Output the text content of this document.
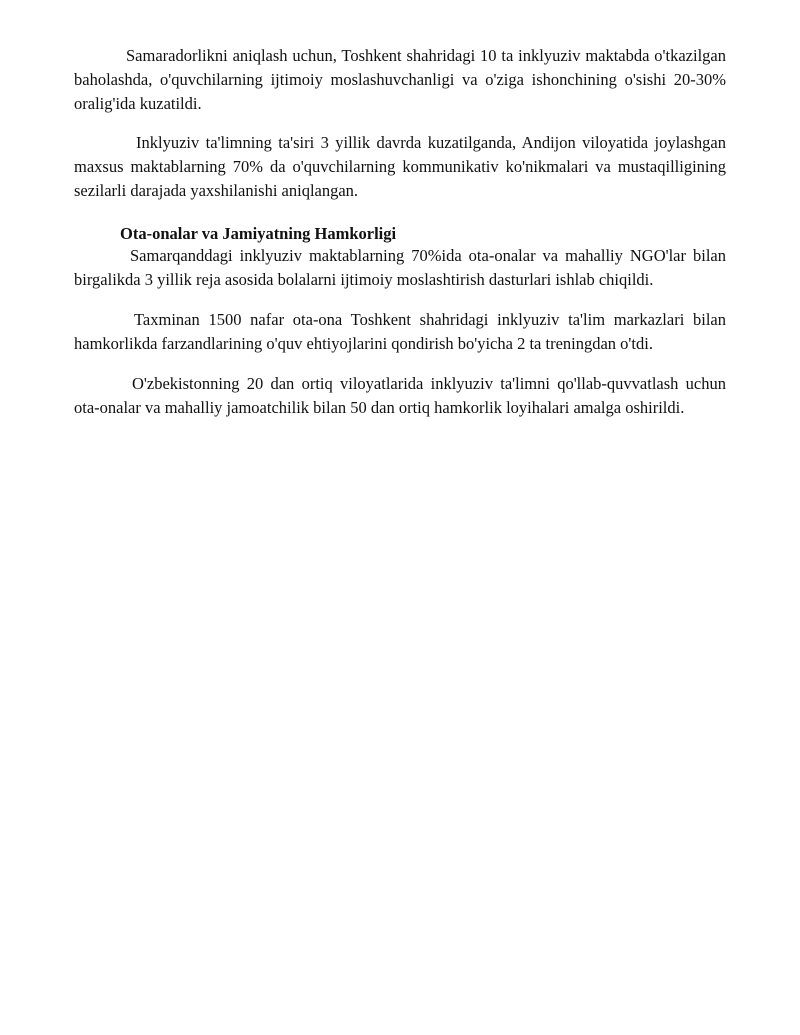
Samaradorlikni aniqlash uchun, Toshkent shahridagi 10 ta inklyuziv maktabda o'tkazilgan baholashda, o'quvchilarning ijtimoiy moslashuvchanligi va o'ziga ishonchining o'sishi 20-30% oralig'ida kuzatildi.

Inklyuziv ta'limning ta'siri 3 yillik davrda kuzatilganda, Andijon viloyatida joylashgan maxsus maktablarning 70% da o'quvchilarning kommunikativ ko'nikmalari va mustaqilligining sezilarli darajada yaxshilanishi aniqlangan.

Ota-onalar va Jamiyatning Hamkorligi

Samarqanddagi inklyuziv maktablarning 70%ida ota-onalar va mahalliy NGO'lar bilan birgalikda 3 yillik reja asosida bolalarni ijtimoiy moslashtirish dasturlari ishlab chiqildi.

Taxminan 1500 nafar ota-ona Toshkent shahridagi inklyuziv ta'lim markazlari bilan hamkorlikda farzandlarining o'quv ehtiyojlarini qondirish bo'yicha 2 ta treningdan o'tdi.

O'zbekistonning 20 dan ortiq viloyatlarida inklyuziv ta'limni qo'llab-quvvatlash uchun ota-onalar va mahalliy jamoatchilik bilan 50 dan ortiq hamkorlik loyihalari amalga oshirildi.
